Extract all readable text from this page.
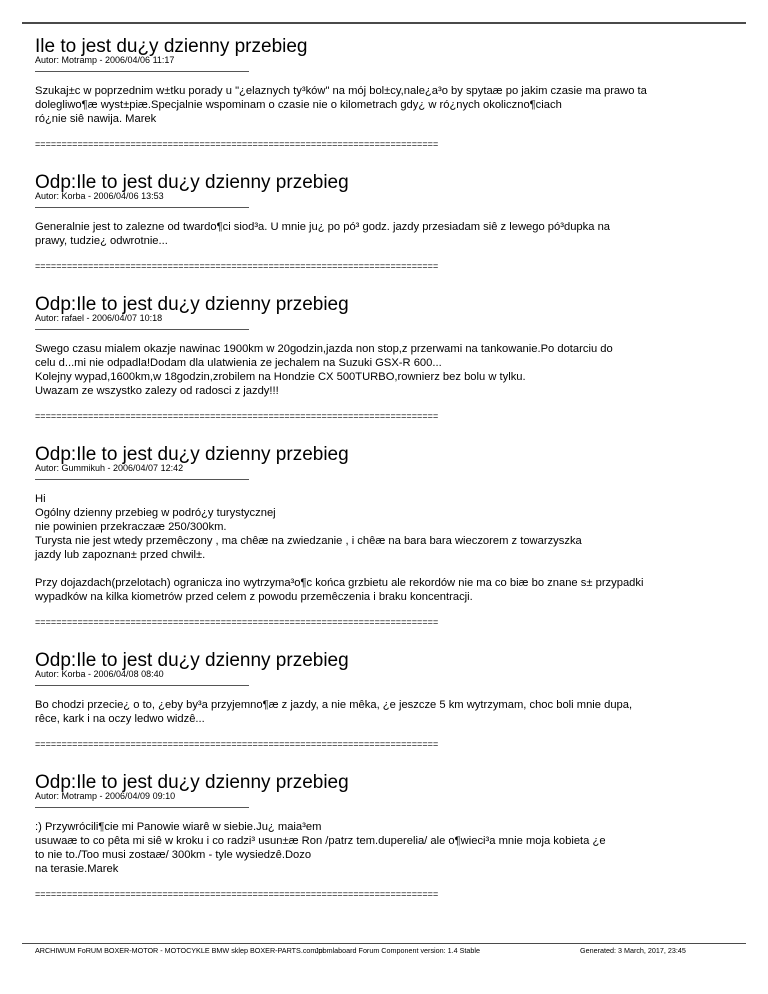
Ile to jest du¿y dzienny przebieg
Autor: Motramp - 2006/04/06 11:17

Szukaj±c w poprzednim w±tku porady u "¿elaznych ty³ków" na mój bol±cy,nale¿a³o by spytaæ po jakim czasie ma prawo ta
dolegliwo¶æ wyst±piæ.Specjalnie wspominam o czasie nie o kilometrach gdy¿ w ró¿nych okoliczno¶ciach
ró¿nie siê nawija. Marek

============================================================================
Odp:Ile to jest du¿y dzienny przebieg
Autor: Korba - 2006/04/06 13:53

Generalnie jest to zalezne od twardo¶ci siod³a. U mnie ju¿ po pó³ godz. jazdy przesiadam siê z lewego pó³dupka na
prawy, tudzie¿ odwrotnie...

============================================================================
Odp:Ile to jest du¿y dzienny przebieg
Autor: rafael - 2006/04/07 10:18

Swego czasu mialem okazje nawinac 1900km w 20godzin,jazda non stop,z przerwami na tankowanie.Po dotarciu do
celu d...mi nie odpadla!Dodam dla ulatwienia ze jechalem na Suzuki GSX-R 600...
Kolejny wypad,1600km,w 18godzin,zrobilem na Hondzie CX 500TURBO,rownierz bez bolu w tylku.
Uwazam ze wszystko zalezy od radosci z jazdy!!!

============================================================================
Odp:Ile to jest du¿y dzienny przebieg
Autor: Gummikuh - 2006/04/07 12:42

Hi
Ogólny dzienny przebieg w podró¿y turystycznej
nie powinien przekraczaæ 250/300km.
Turysta nie jest wtedy przemêczony , ma chêæ na zwiedzanie , i chêæ na bara bara wieczorem z towarzyszka
jazdy lub zapoznan± przed chwil±.

Przy dojazdach(przelotach) ogranicza ino wytrzyma³o¶c końca grzbietu ale rekordów nie ma co biæ bo znane s± przypadki
wypadków na kilka kiometrów przed celem z powodu przemêczenia i braku koncentracji.

============================================================================
Odp:Ile to jest du¿y dzienny przebieg
Autor: Korba - 2006/04/08 08:40

Bo chodzi przecie¿ o to, ¿eby by³a przyjemno¶æ z jazdy, a nie mêka, ¿e jeszcze 5 km wytrzymam, choc boli mnie dupa,
rêce, kark i na oczy ledwo widzê...

============================================================================
Odp:Ile to jest du¿y dzienny przebieg
Autor: Motramp - 2006/04/09 09:10

:) Przywrócili¶cie mi Panowie wiarê w siebie.Ju¿ maia³em
usuwaæ to co pêta mi siê w kroku i co radzi³ usun±æ Ron /patrz tem.duperelia/ ale o¶wieci³a mnie moja kobieta ¿e
to nie to./Too musi zostaæ/ 300km - tyle wysiedzê.Dozo
na terasie.Marek

============================================================================
ARCHIWUM FoRUM BOXER-MOTOR - MOTOCYKLE BMW sklep BOXER-PARTS.com.pl
Joomlaboard Forum Component version: 1.4 Stable	Generated: 3 March, 2017, 23:45
